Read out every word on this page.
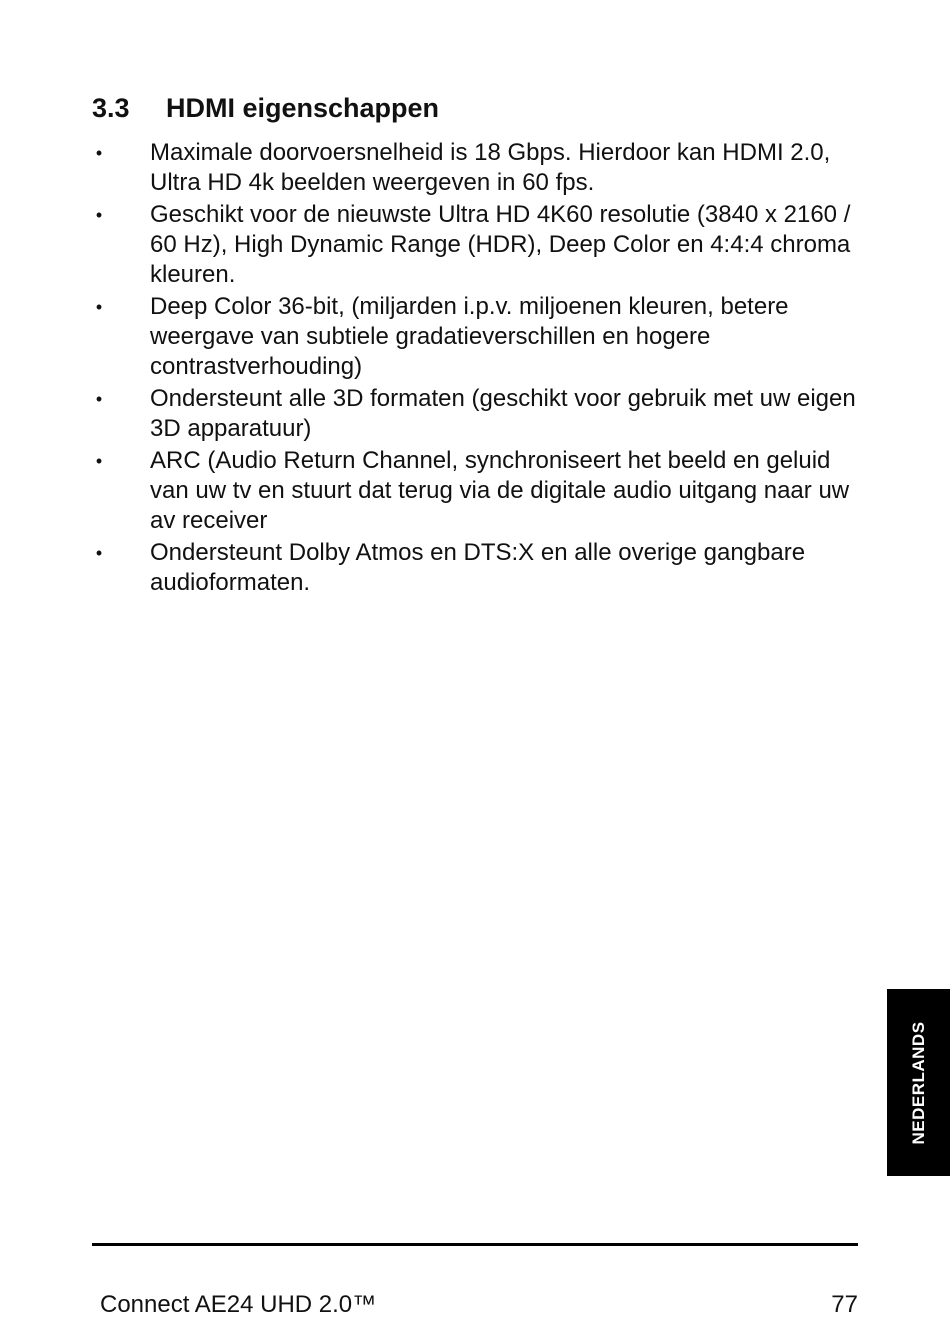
3.3 HDMI eigenschappen
• Maximale doorvoersnelheid is 18 Gbps. Hierdoor kan HDMI 2.0, Ultra HD 4k beelden weergeven in 60 fps.
• Geschikt voor de nieuwste Ultra HD 4K60 resolutie (3840 x 2160 / 60 Hz), High Dynamic Range (HDR), Deep Color en 4:4:4 chroma kleuren.
• Deep Color 36-bit, (miljarden i.p.v. miljoenen kleuren, betere weergave van subtiele gradatieverschillen en hogere contrastverhouding)
• Ondersteunt alle 3D formaten (geschikt voor gebruik met uw eigen 3D apparatuur)
• ARC (Audio Return Channel, synchroniseert het beeld en geluid van uw tv en stuurt dat terug via de digitale audio uitgang naar uw av receiver
• Ondersteunt Dolby Atmos en DTS:X en alle overige gangbare audioformaten.
NEDERLANDS
Connect AE24 UHD 2.0™	77
